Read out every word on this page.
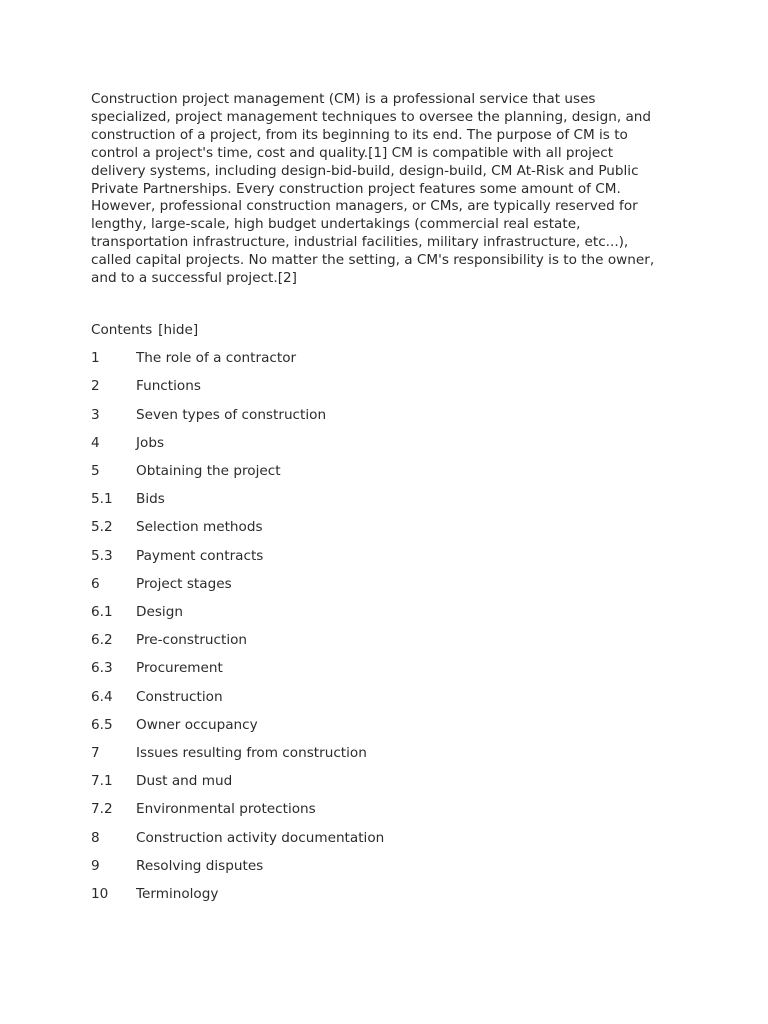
Construction project management (CM) is a professional service that uses
specialized, project management techniques to oversee the planning, design, and
construction of a project, from its beginning to its end. The purpose of CM is to
control a project's time, cost and quality.[1] CM is compatible with all project
delivery systems, including design-bid-build, design-build, CM At-Risk and Public
Private Partnerships. Every construction project features some amount of CM.
However, professional construction managers, or CMs, are typically reserved for
lengthy, large-scale, high budget undertakings (commercial real estate,
transportation infrastructure, industrial facilities, military infrastructure, etc...),
called capital projects. No matter the setting, a CM's responsibility is to the owner,
and to a successful project.[2]
Contents [hide]
1	The role of a contractor
2	Functions
3	Seven types of construction
4	Jobs
5	Obtaining the project
5.1	Bids
5.2	Selection methods
5.3	Payment contracts
6	Project stages
6.1	Design
6.2	Pre-construction
6.3	Procurement
6.4	Construction
6.5	Owner occupancy
7	Issues resulting from construction
7.1	Dust and mud
7.2	Environmental protections
8	Construction activity documentation
9	Resolving disputes
10	Terminology
